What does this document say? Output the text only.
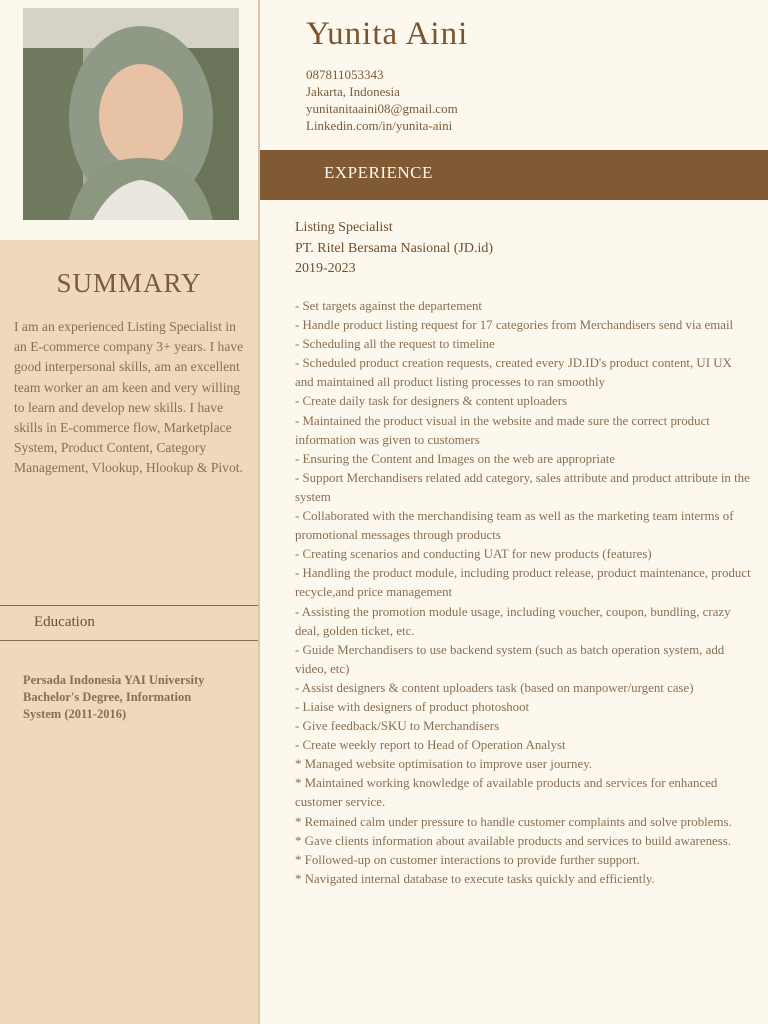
SUMMARY
I am an experienced Listing Specialist in an E-commerce company 3+ years. I have good interpersonal skills, am an excellent team worker an am keen and very willing to learn and develop new skills. I have skills in E-commerce flow, Marketplace System, Product Content, Category Management, Vlookup, Hlookup & Pivot.
Education
Persada Indonesia YAI University
Bachelor's Degree, Information
System (2011-2016)
Yunita Aini
087811053343
Jakarta, Indonesia
yunitanitaaini08@gmail.com
Linkedin.com/in/yunita-aini
EXPERIENCE
Listing Specialist
PT. Ritel Bersama Nasional (JD.id)
2019-2023
- Set targets against the departement
- Handle product listing request for 17 categories from Merchandisers send via email
- Scheduling all the request to timeline
- Scheduled product creation requests, created every JD.ID's product content, UI UX and maintained all product listing processes to ran smoothly
- Create daily task for designers & content uploaders
- Maintained the product visual in the website and made sure the correct product information was given to customers
- Ensuring the Content and Images on the web are appropriate
- Support Merchandisers related add category, sales attribute and product attribute in the system
- Collaborated with the merchandising team as well as the marketing team interms of promotional messages through products
- Creating scenarios and conducting UAT for new products (features)
- Handling the product module, including product release, product maintenance, product recycle,and price management
- Assisting the promotion module usage, including voucher, coupon, bundling, crazy deal, golden ticket, etc.
- Guide Merchandisers to use backend system (such as batch operation system, add video, etc)
- Assist designers & content uploaders task (based on manpower/urgent case)
- Liaise with designers of product photoshoot
- Give feedback/SKU to Merchandisers
- Create weekly report to Head of Operation Analyst
* Managed website optimisation to improve user journey.
* Maintained working knowledge of available products and services for enhanced customer service.
* Remained calm under pressure to handle customer complaints and solve problems.
* Gave clients information about available products and services to build awareness.
* Followed-up on customer interactions to provide further support.
* Navigated internal database to execute tasks quickly and efficiently.
